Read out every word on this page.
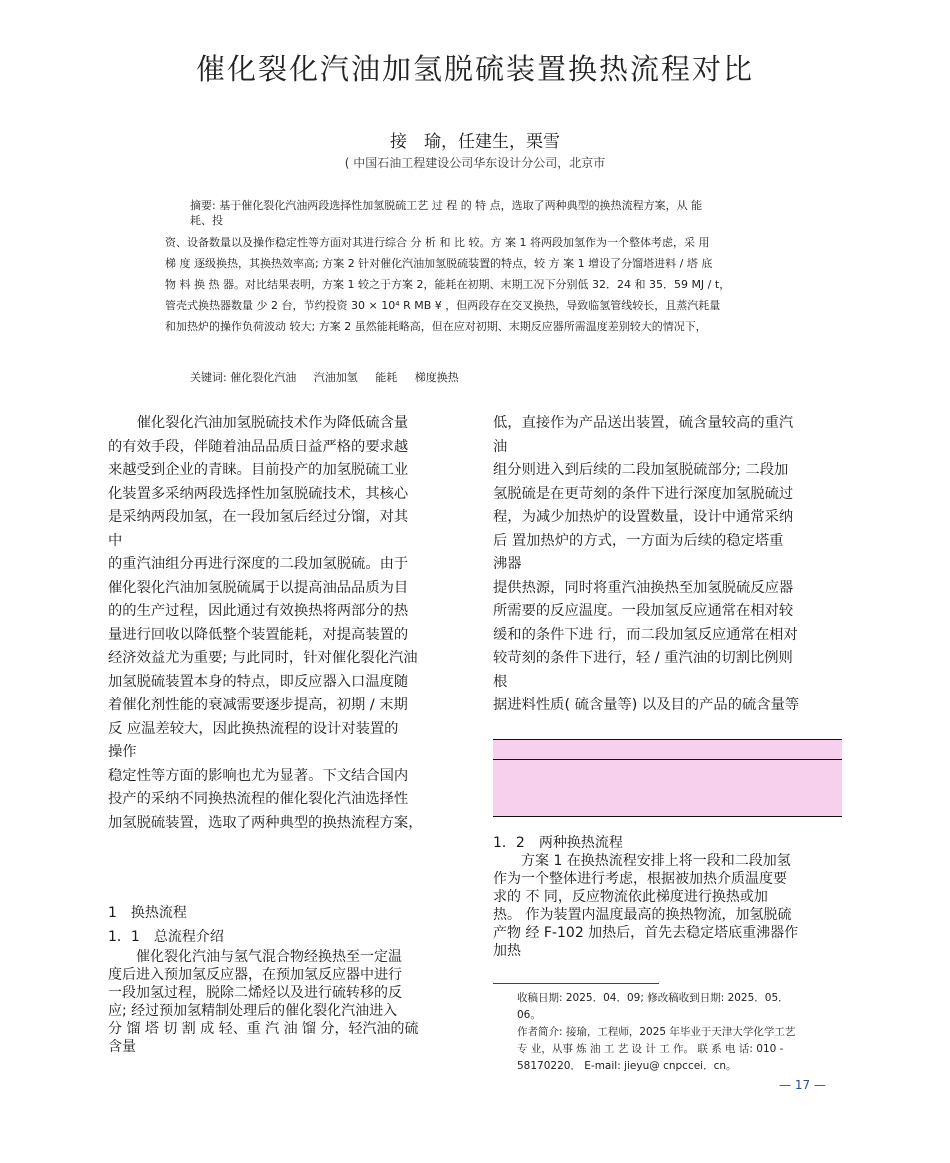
催化裂化汽油加氢脱硫装置换热流程对比
接　瑜，任建生，栗雪
( 中国石油工程建设公司华东设计分公司，北京市
摘要: 基于催化裂化汽油两段选择性加氢脱硫工艺 过 程 的 特 点，选取了两种典型的换热流程方案，从 能
耗、投
资、设备数量以及操作稳定性等方面对其进行综合 分 析 和 比 较。方 案 1 将两段加氢作为一个整体考虑，采 用
梯 度 逐级换热，其换热效率高; 方案 2 针对催化汽油加氢脱硫装置的特点，较 方 案 1 增设了分馏塔进料 / 塔 底
物 料 换 热 器。对比结果表明，方案 1 较之于方案 2，能耗在初期、末期工况下分别低 32．24 和 35．59 MJ / t，
管壳式换热器数量 少 2 台，节约投资 30 × 10⁴ R MB ¥ ，但两段存在交叉换热，导致临氢管线较长，且蒸汽耗量
和加热炉的操作负荷波动 较大; 方案 2 虽然能耗略高，但在应对初期、末期反应器所需温度差别较大的情况下，
关键词: 催化裂化汽油 汽油加氢 能耗 梯度换热
　　催化裂化汽油加氢脱硫技术作为降低硫含量
的有效手段，伴随着油品品质日益严格的要求越
来越受到企业的青睐。目前投产的加氢脱硫工业
化装置多采纳两段选择性加氢脱硫技术，其核心
是采纳两段加氢，在一段加氢后经过分馏，对其
中
的重汽油组分再进行深度的二段加氢脱硫。由于
催化裂化汽油加氢脱硫属于以提高油品品质为目
的的生产过程，因此通过有效换热将两部分的热
量进行回收以降低整个装置能耗，对提高装置的
经济效益尤为重要; 与此同时，针对催化裂化汽油
加氢脱硫装置本身的特点，即反应器入口温度随
着催化剂性能的衰减需要逐步提高，初期 / 末期
反 应温差较大，因此换热流程的设计对装置的
操作
稳定性等方面的影响也尤为显著。下文结合国内
投产的采纳不同换热流程的催化裂化汽油选择性
加氢脱硫装置，选取了两种典型的换热流程方案，
1　换热流程
1．1　总流程介绍
　　催化裂化汽油与氢气混合物经换热至一定温
度后进入预加氢反应器，在预加氢反应器中进行
一段加氢过程，脱除二烯烃以及进行硫转移的反
应; 经过预加氢精制处理后的催化裂化汽油进入
分 馏 塔 切 割 成 轻、重 汽 油 馏 分，轻汽油的硫
含量
低，直接作为产品送出装置，硫含量较高的重汽
油
组分则进入到后续的二段加氢脱硫部分; 二段加
氢脱硫是在更苛刻的条件下进行深度加氢脱硫过
程，为减少加热炉的设置数量，设计中通常采纳
后 置加热炉的方式，一方面为后续的稳定塔重
沸器
提供热源，同时将重汽油换热至加氢脱硫反应器
所需要的反应温度。一段加氢反应通常在相对较
缓和的条件下进 行，而二段加氢反应通常在相对
较苛刻的条件下进行，轻 / 重汽油的切割比例则
根
据进料性质( 硫含量等) 以及目的产品的硫含量等
1．2　两种换热流程
　　方案 1 在换热流程安排上将一段和二段加氢
作为一个整体进行考虑，根据被加热介质温度要
求的 不 同，反应物流依此梯度进行换热或加
热。 作为装置内温度最高的换热物流，加氢脱硫
产物 经 F-102 加热后，首先去稳定塔底重沸器作
加热
收稿日期: 2025．04．09; 修改稿收到日期: 2025．05．
06。
作者简介: 接瑜，工程师，2025 年毕业于天津大学化学工艺
专 业，从事 炼 油 工 艺 设 计 工 作。 联 系 电 话: 010 -
58170220． E-mail: jieyu@ cnpccei．cn。
— 17 —
